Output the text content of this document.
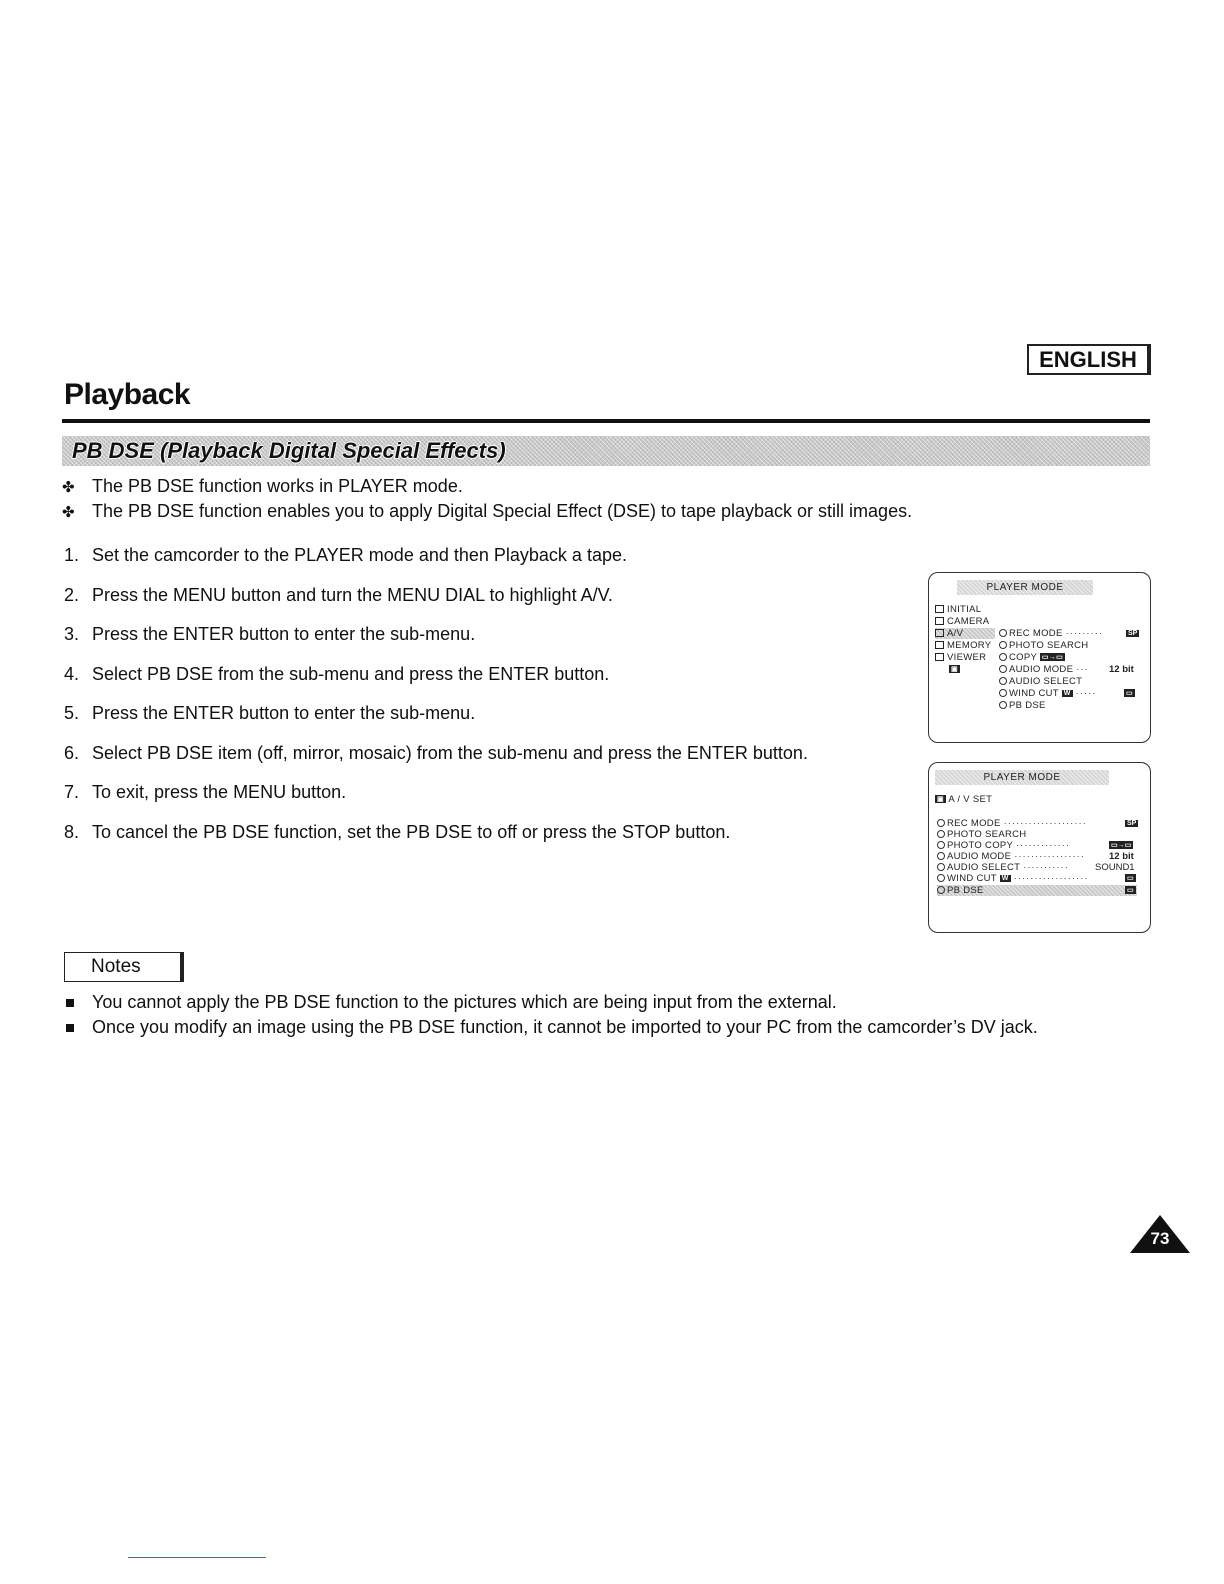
ENGLISH
Playback
PB DSE (Playback Digital Special Effects)
✤ The PB DSE function works in PLAYER mode.
✤ The PB DSE function enables you to apply Digital Special Effect (DSE) to tape playback or still images.
1. Set the camcorder to the PLAYER mode and then Playback a tape.
2. Press the MENU button and turn the MENU DIAL to highlight A/V.
3. Press the ENTER button to enter the sub-menu.
4. Select PB DSE from the sub-menu and press the ENTER button.
5. Press the ENTER button to enter the sub-menu.
6. Select PB DSE item (off, mirror, mosaic) from the sub-menu and press the ENTER button.
7. To exit, press the MENU button.
8. To cancel the PB DSE function, set the PB DSE to off or press the STOP button.
PLAYER MODE
INITIAL
CAMERA
A/V
MEMORY
VIEWER
▣
REC MODE ·········	SP
PHOTO SEARCH
COPY ▭→▭
AUDIO MODE ··· 12 bit
AUDIO SELECT
WIND CUT W ·····	▭
PB DSE
PLAYER MODE
▣ A / V SET
REC MODE ····················	SP
PHOTO SEARCH
PHOTO COPY ·············	▭→▭
AUDIO MODE ·················	12 bit
AUDIO SELECT ···········	SOUND1
WIND CUT W ··················	▭
PB DSE	▭
Notes
You cannot apply the PB DSE function to the pictures which are being input from the external.
Once you modify an image using the PB DSE function, it cannot be imported to your PC from the camcorder’s DV jack.
73
